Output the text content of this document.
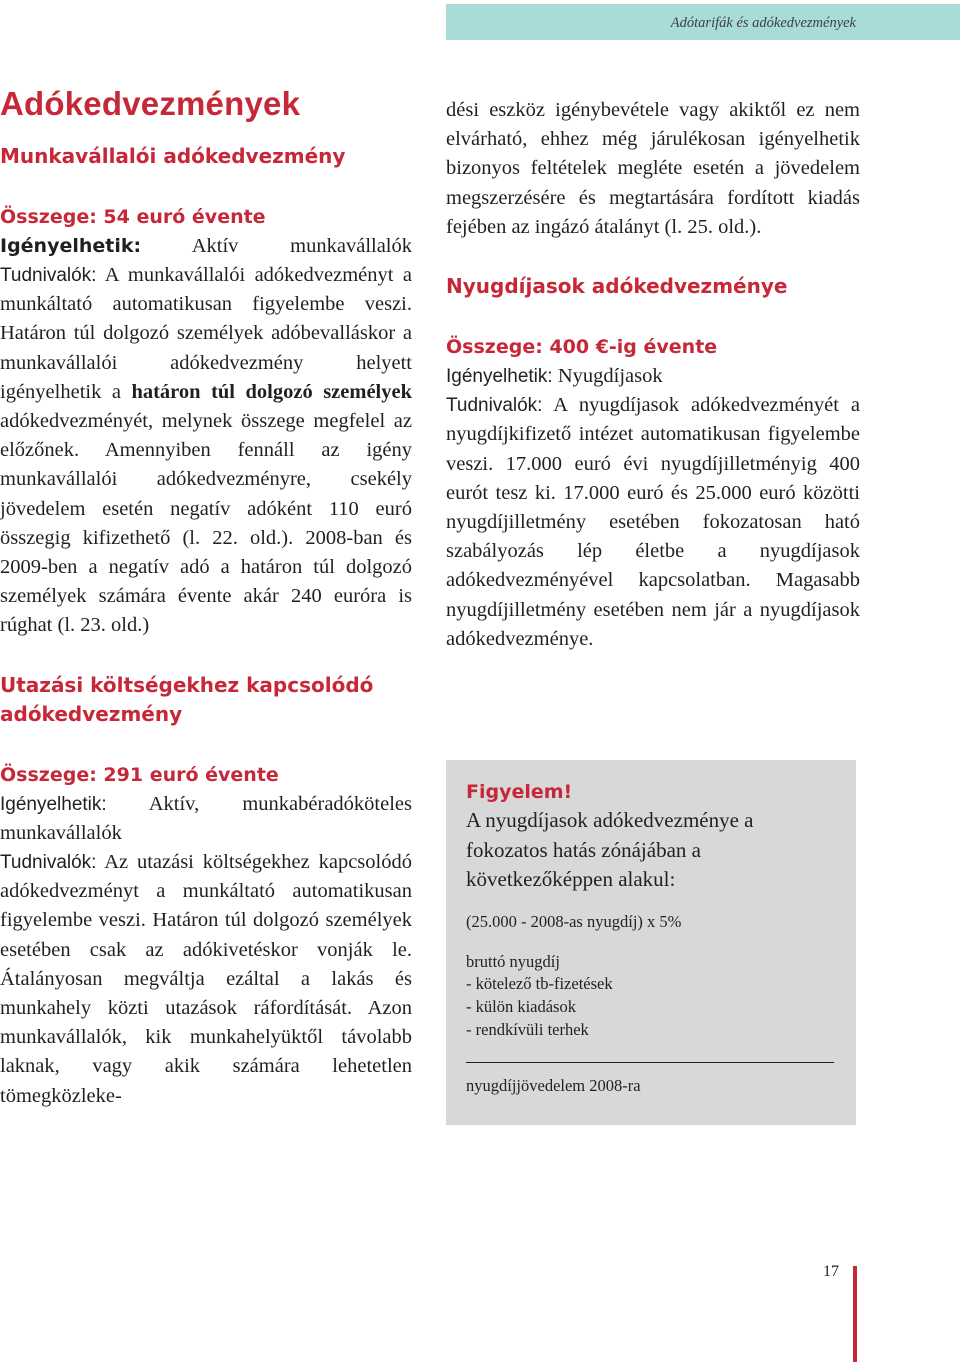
Adótarifák és adókedvezmények
Adókedvezmények
Munkavállalói adókedvezmény
Összege: 54 euró évente

Igényelhetik: Aktív munkavállalók

Tudnivalók: A munkavállalói adókedvezményt a munkáltató automatikusan figyelembe veszi. Határon túl dolgozó személyek adóbevalláskor a munkavállalói adókedvezmény helyett igényelhetik a határon túl dolgozó személyek adókedvezményét, melynek összege megfelel az előzőnek. Amennyiben fennáll az igény munkavállalói adókedvezményre, csekély jövedelem esetén negatív adóként 110 euró összegig kifizethető (l. 22. old.). 2008-ban és 2009-ben a negatív adó a határon túl dolgozó személyek számára évente akár 240 euróra is rúghat (l. 23. old.)

Utazási költségekhez kapcsolódó adókedvezmény
Összege: 291 euró évente

Igényelhetik: Aktív, munkabéradóköteles munkavállalók

Tudnivalók: Az utazási költségekhez kapcsolódó adókedvezményt a munkáltató automatikusan figyelembe veszi. Határon túl dolgozó személyek esetében csak az adókivetéskor vonják le. Átalányosan megváltja ezáltal a lakás és munkahely közti utazások ráfordítását. Azon munkavállalók, kik munkahelyüktől távolabb laknak, vagy akik számára lehetetlen tömegközleke-

dési eszköz igénybevétele vagy akiktől ez nem elvárható, ehhez még járulékosan igényelhetik bizonyos feltételek megléte esetén a jövedelem megszerzésére és megtartására fordított kiadás fejében az ingázó átalányt (l. 25. old.).

Nyugdíjasok adókedvezménye
Összege: 400 €-ig évente

Igényelhetik: Nyugdíjasok

Tudnivalók: A nyugdíjasok adókedvezményét a nyugdíjkifizető intézet automatikusan figyelembe veszi. 17.000 euró évi nyugdíjilletményig 400 eurót tesz ki. 17.000 euró és 25.000 euró közötti nyugdíjilletmény esetében fokozatosan ható szabályozás lép életbe a nyugdíjasok adókedvezményével kapcsolatban. Magasabb nyugdíjilletmény esetében nem jár a nyugdíjasok adókedvezménye.

Figyelem!
A nyugdíjasok adókedvezménye a fokozatos hatás zónájában a következőképpen alakul:
(25.000 - 2008-as nyugdíj) x 5%
bruttó nyugdíj
- kötelező tb-fizetések
- külön kiadások
- rendkívüli terhek
nyugdíjjövedelem 2008-ra
17
